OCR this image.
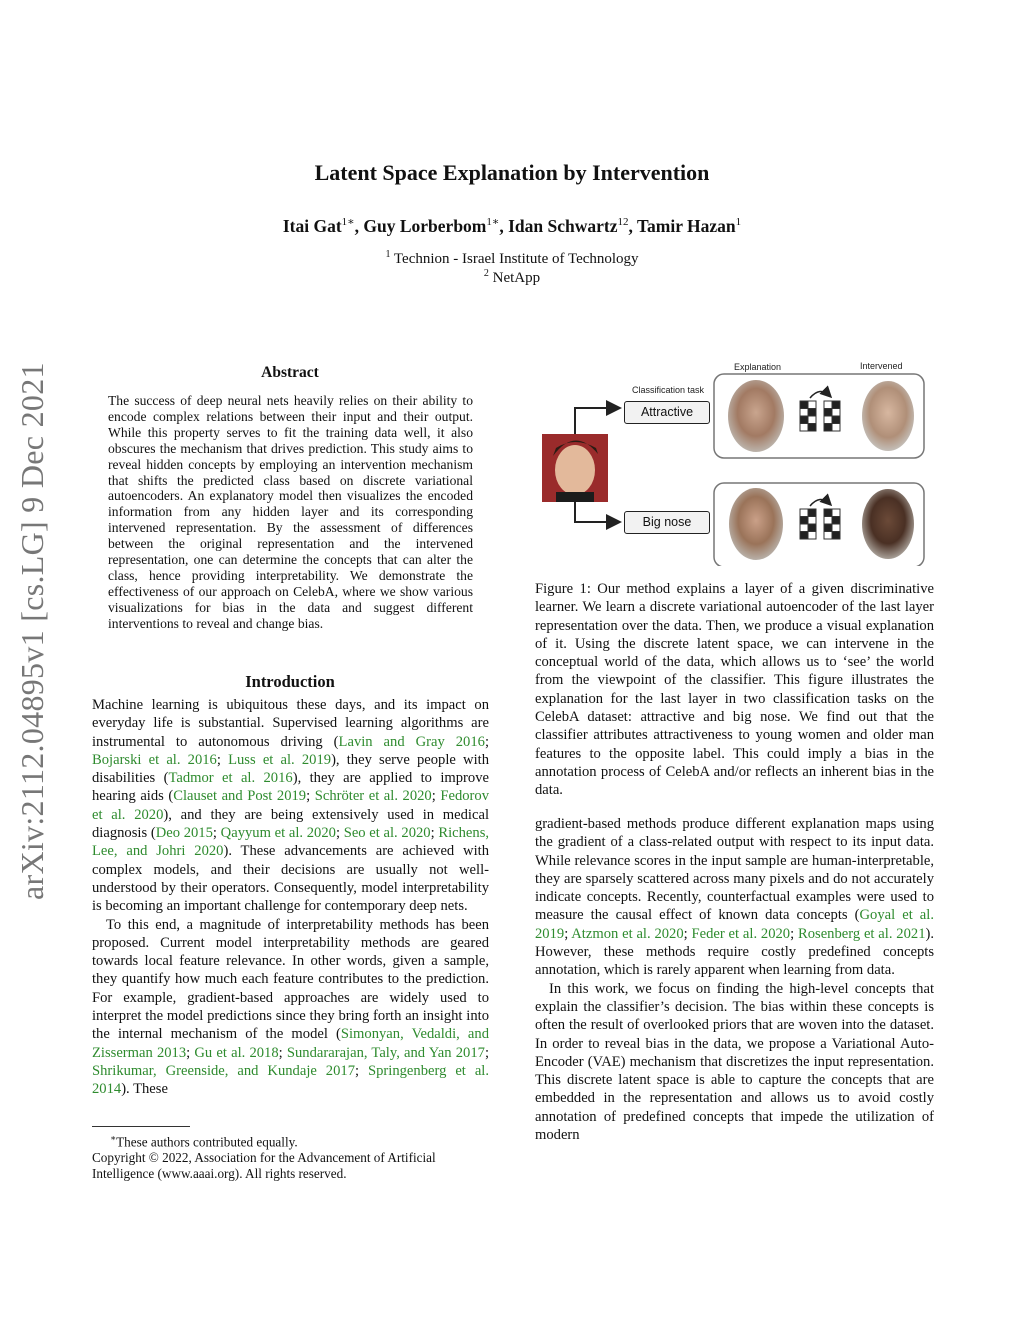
arXiv:2112.04895v1 [cs.LG] 9 Dec 2021
Latent Space Explanation by Intervention
Itai Gat$^{1∗}$, Guy Lorberbom$^{1∗}$, Idan Schwartz$^{12}$, Tamir Hazan$^1$
$^1$ Technion - Israel Institute of Technology
$^2$ NetApp
Abstract
The success of deep neural nets heavily relies on their ability to encode complex relations between their input and their output. While this property serves to fit the training data well, it also obscures the mechanism that drives prediction. This study aims to reveal hidden concepts by employing an intervention mechanism that shifts the predicted class based on discrete variational autoencoders. An explanatory model then visualizes the encoded information from any hidden layer and its corresponding intervened representation. By the assessment of differences between the original representation and the intervened representation, one can determine the concepts that can alter the class, hence providing interpretability. We demonstrate the effectiveness of our approach on CelebA, where we show various visualizations for bias in the data and suggest different interventions to reveal and change bias.
Introduction

Machine learning is ubiquitous these days, and its impact on everyday life is substantial. Supervised learning algorithms are instrumental to autonomous driving (Lavin and Gray 2016; Bojarski et al. 2016; Luss et al. 2019), they serve people with disabilities (Tadmor et al. 2016), they are applied to improve hearing aids (Clauset and Post 2019; Schröter et al. 2020; Fedorov et al. 2020), and they are being extensively used in medical diagnosis (Deo 2015; Qayyum et al. 2020; Seo et al. 2020; Richens, Lee, and Johri 2020). These advancements are achieved with complex models, and their decisions are usually not well-understood by their operators. Consequently, model interpretability is becoming an important challenge for contemporary deep nets.

To this end, a magnitude of interpretability methods has been proposed. Current model interpretability methods are geared towards local feature relevance. In other words, given a sample, they quantify how much each feature contributes to the prediction. For example, gradient-based approaches are widely used to interpret the model predictions since they bring forth an insight into the internal mechanism of the model (Simonyan, Vedaldi, and Zisserman 2013; Gu et al. 2018; Sundararajan, Taly, and Yan 2017; Shrikumar, Greenside, and Kundaje 2017; Springenberg et al. 2014). These

∗These authors contributed equally.
Copyright © 2022, Association for the Advancement of Artificial Intelligence (www.aaai.org). All rights reserved.
Explanation	Intervened
Classification task
Attractive
Big nose
Figure 1: Our method explains a layer of a given discriminative learner. We learn a discrete variational autoencoder of the last layer representation over the data. Then, we produce a visual explanation of it. Using the discrete latent space, we can intervene in the conceptual world of the data, which allows us to ‘see’ the world from the viewpoint of the classifier. This figure illustrates the explanation for the last layer in two classification tasks on the CelebA dataset: attractive and big nose. We find out that the classifier attributes attractiveness to young women and older man features to the opposite label. This could imply a bias in the annotation process of CelebA and/or reflects an inherent bias in the data.

gradient-based methods produce different explanation maps using the gradient of a class-related output with respect to its input data. While relevance scores in the input sample are human-interpretable, they are sparsely scattered across many pixels and do not accurately indicate concepts. Recently, counterfactual examples were used to measure the causal effect of known data concepts (Goyal et al. 2019; Atzmon et al. 2020; Feder et al. 2020; Rosenberg et al. 2021). However, these methods require costly predefined concepts annotation, which is rarely apparent when learning from data.

In this work, we focus on finding the high-level concepts that explain the classifier’s decision. The bias within these concepts is often the result of overlooked priors that are woven into the dataset. In order to reveal bias in the data, we propose a Variational Auto-Encoder (VAE) mechanism that discretizes the input representation. This discrete latent space is able to capture the concepts that are embedded in the representation and allows us to avoid costly annotation of predefined concepts that impede the utilization of modern
